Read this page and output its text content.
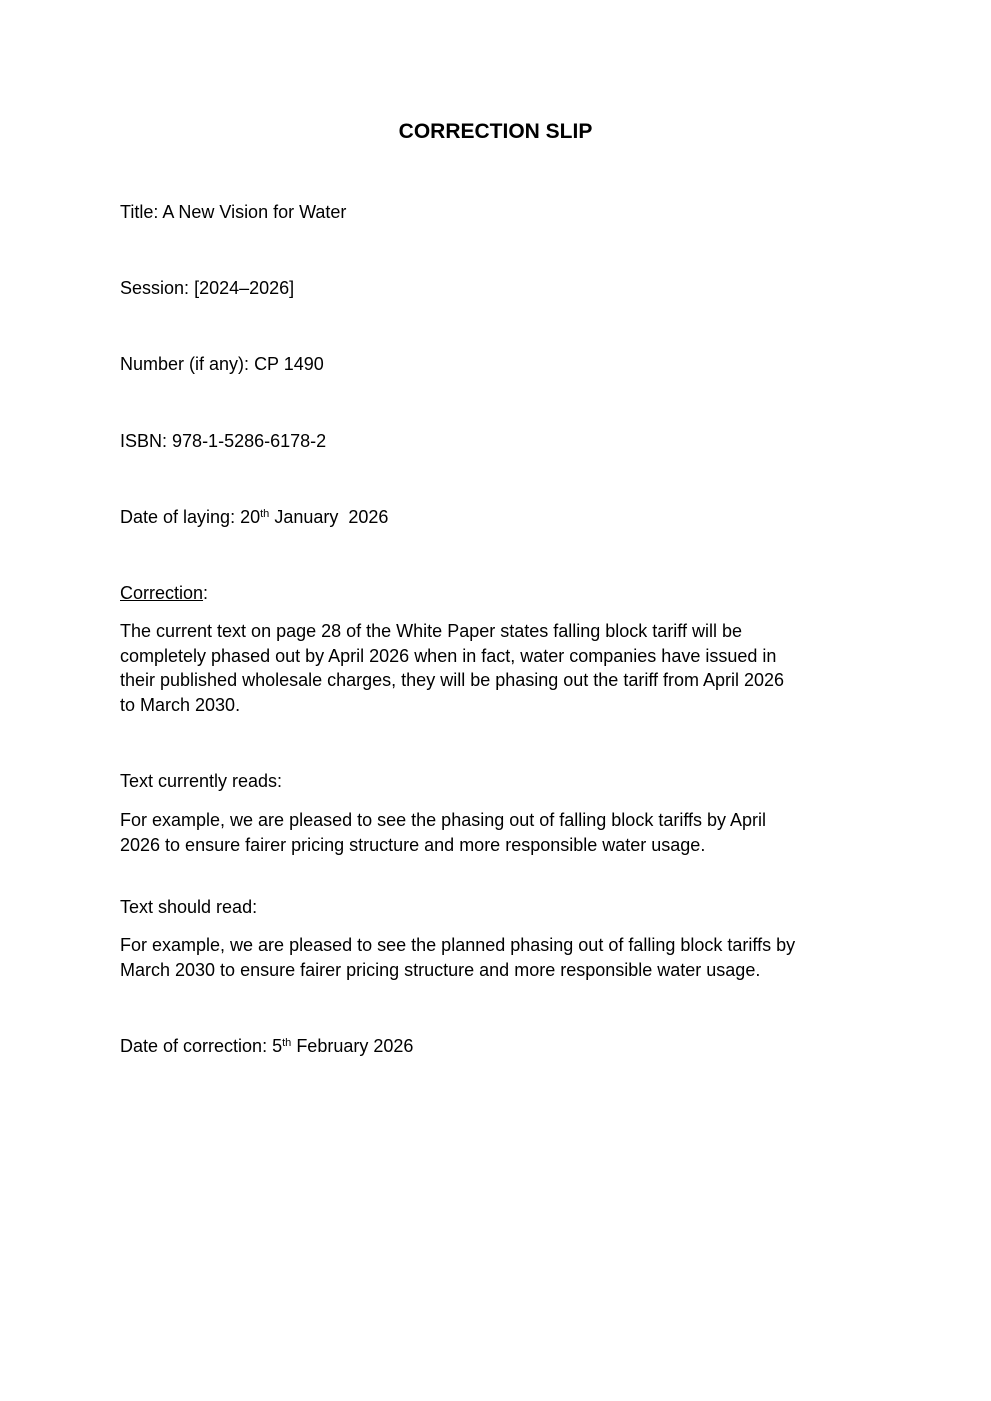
CORRECTION SLIP

Title: A New Vision for Water

Session: [2024–2026]

Number (if any): CP 1490

ISBN: 978-1-5286-6178-2

Date of laying: 20th January  2026

Correction:

The current text on page 28 of the White Paper states falling block tariff will be
completely phased out by April 2026 when in fact, water companies have issued in
their published wholesale charges, they will be phasing out the tariff from April 2026
to March 2030.

Text currently reads:

For example, we are pleased to see the phasing out of falling block tariffs by April
2026 to ensure fairer pricing structure and more responsible water usage.

Text should read:

For example, we are pleased to see the planned phasing out of falling block tariffs by
March 2030 to ensure fairer pricing structure and more responsible water usage.

Date of correction: 5th February 2026
